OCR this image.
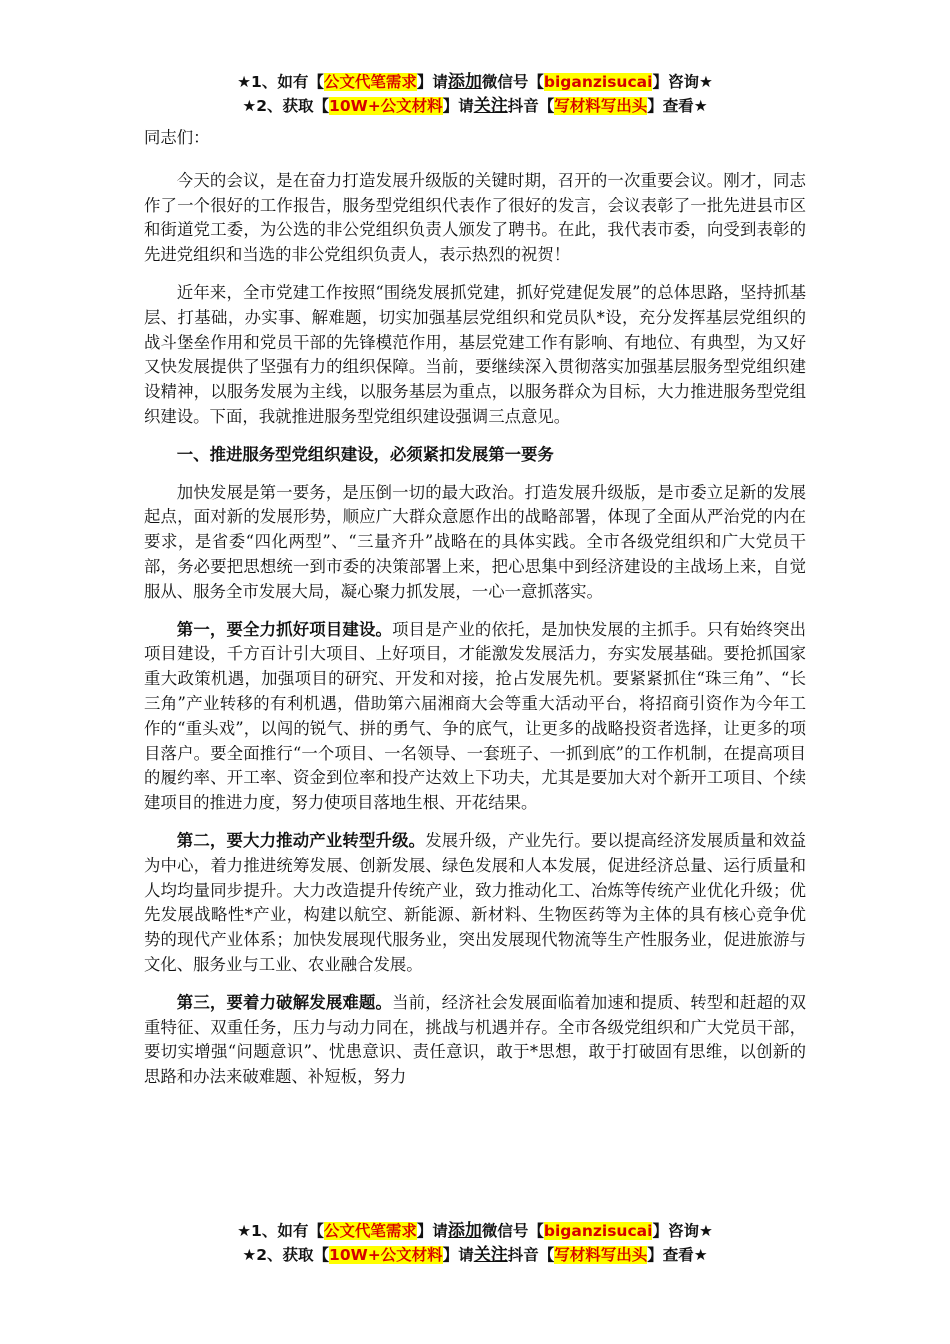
★1、如有【公文代笔需求】请添加微信号【biganzisucai】咨询★
★2、获取【10W+公文材料】请关注抖音【写材料写出头】查看★

同志们：

今天的会议，是在奋力打造发展升级版的关键时期，召开的一次重要会议。刚才，同志作了一个很好的工作报告，服务型党组织代表作了很好的发言，会议表彰了一批先进县市区和街道党工委，为公选的非公党组织负责人颁发了聘书。在此，我代表市委，向受到表彰的先进党组织和当选的非公党组织负责人，表示热烈的祝贺！

近年来，全市党建工作按照“围绕发展抓党建，抓好党建促发展”的总体思路，坚持抓基层、打基础，办实事、解难题，切实加强基层党组织和党员队*设，充分发挥基层党组织的战斗堡垒作用和党员干部的先锋模范作用，基层党建工作有影响、有地位、有典型，为又好又快发展提供了坚强有力的组织保障。当前，要继续深入贯彻落实加强基层服务型党组织建设精神，以服务发展为主线，以服务基层为重点，以服务群众为目标，大力推进服务型党组织建设。下面，我就推进服务型党组织建设强调三点意见。

一、推进服务型党组织建设，必须紧扣发展第一要务

加快发展是第一要务，是压倒一切的最大政治。打造发展升级版，是市委立足新的发展起点，面对新的发展形势，顺应广大群众意愿作出的战略部署，体现了全面从严治党的内在要求，是省委“四化两型”、“三量齐升”战略在的具体实践。全市各级党组织和广大党员干部，务必要把思想统一到市委的决策部署上来，把心思集中到经济建设的主战场上来，自觉服从、服务全市发展大局，凝心聚力抓发展，一心一意抓落实。

第一，要全力抓好项目建设。项目是产业的依托，是加快发展的主抓手。只有始终突出项目建设，千方百计引大项目、上好项目，才能激发发展活力，夯实发展基础。要抢抓国家重大政策机遇，加强项目的研究、开发和对接，抢占发展先机。要紧紧抓住“珠三角”、“长三角”产业转移的有利机遇，借助第六届湘商大会等重大活动平台，将招商引资作为今年工作的“重头戏”，以闯的锐气、拼的勇气、争的底气，让更多的战略投资者选择，让更多的项目落户。要全面推行“一个项目、一名领导、一套班子、一抓到底”的工作机制，在提高项目的履约率、开工率、资金到位率和投产达效上下功夫，尤其是要加大对个新开工项目、个续建项目的推进力度，努力使项目落地生根、开花结果。

第二，要大力推动产业转型升级。发展升级，产业先行。要以提高经济发展质量和效益为中心，着力推进统筹发展、创新发展、绿色发展和人本发展，促进经济总量、运行质量和人均均量同步提升。大力改造提升传统产业，致力推动化工、冶炼等传统产业优化升级；优先发展战略性*产业，构建以航空、新能源、新材料、生物医药等为主体的具有核心竞争优势的现代产业体系；加快发展现代服务业，突出发展现代物流等生产性服务业，促进旅游与文化、服务业与工业、农业融合发展。

第三，要着力破解发展难题。当前，经济社会发展面临着加速和提质、转型和赶超的双重特征、双重任务，压力与动力同在，挑战与机遇并存。全市各级党组织和广大党员干部，要切实增强“问题意识”、忧患意识、责任意识，敢于*思想，敢于打破固有思维，以创新的思路和办法来破难题、补短板，努力

★1、如有【公文代笔需求】请添加微信号【biganzisucai】咨询★
★2、获取【10W+公文材料】请关注抖音【写材料写出头】查看★
